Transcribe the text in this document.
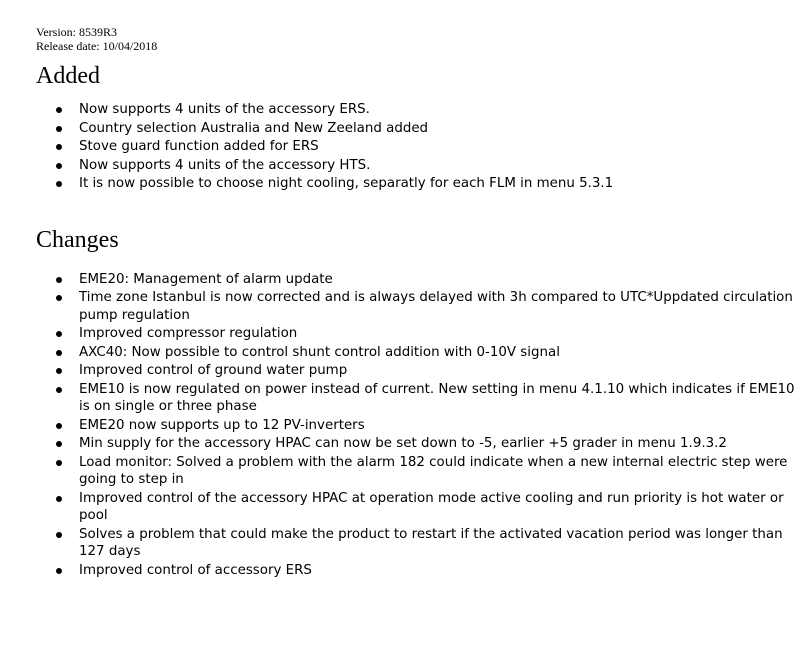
Version: 8539R3
Release date: 10/04/2018
Added
Now supports 4 units of the accessory ERS.
Country selection Australia and New Zeeland added
Stove guard function added for ERS
Now supports 4 units of the accessory HTS.
It is now possible to choose night cooling, separatly for each FLM in menu 5.3.1
Changes
EME20: Management of alarm update
Time zone Istanbul is now corrected and is always delayed with 3h compared to UTC*Uppdated circulation pump regulation
Improved compressor regulation
AXC40: Now possible to control shunt control addition with 0-10V signal
Improved control of ground water pump
EME10 is now regulated on power instead of current. New setting in menu 4.1.10 which indicates if EME10 is on single or three phase
EME20 now supports up to 12 PV-inverters
Min supply for the accessory HPAC can now be set down to -5, earlier +5 grader in menu 1.9.3.2
Load monitor: Solved a problem with the alarm 182 could indicate when a new internal electric step were going to step in
Improved control of the accessory HPAC at operation mode active cooling and run priority is hot water or pool
Solves a problem that could make the product to restart if the activated vacation period was longer than 127 days
Improved control of accessory ERS
